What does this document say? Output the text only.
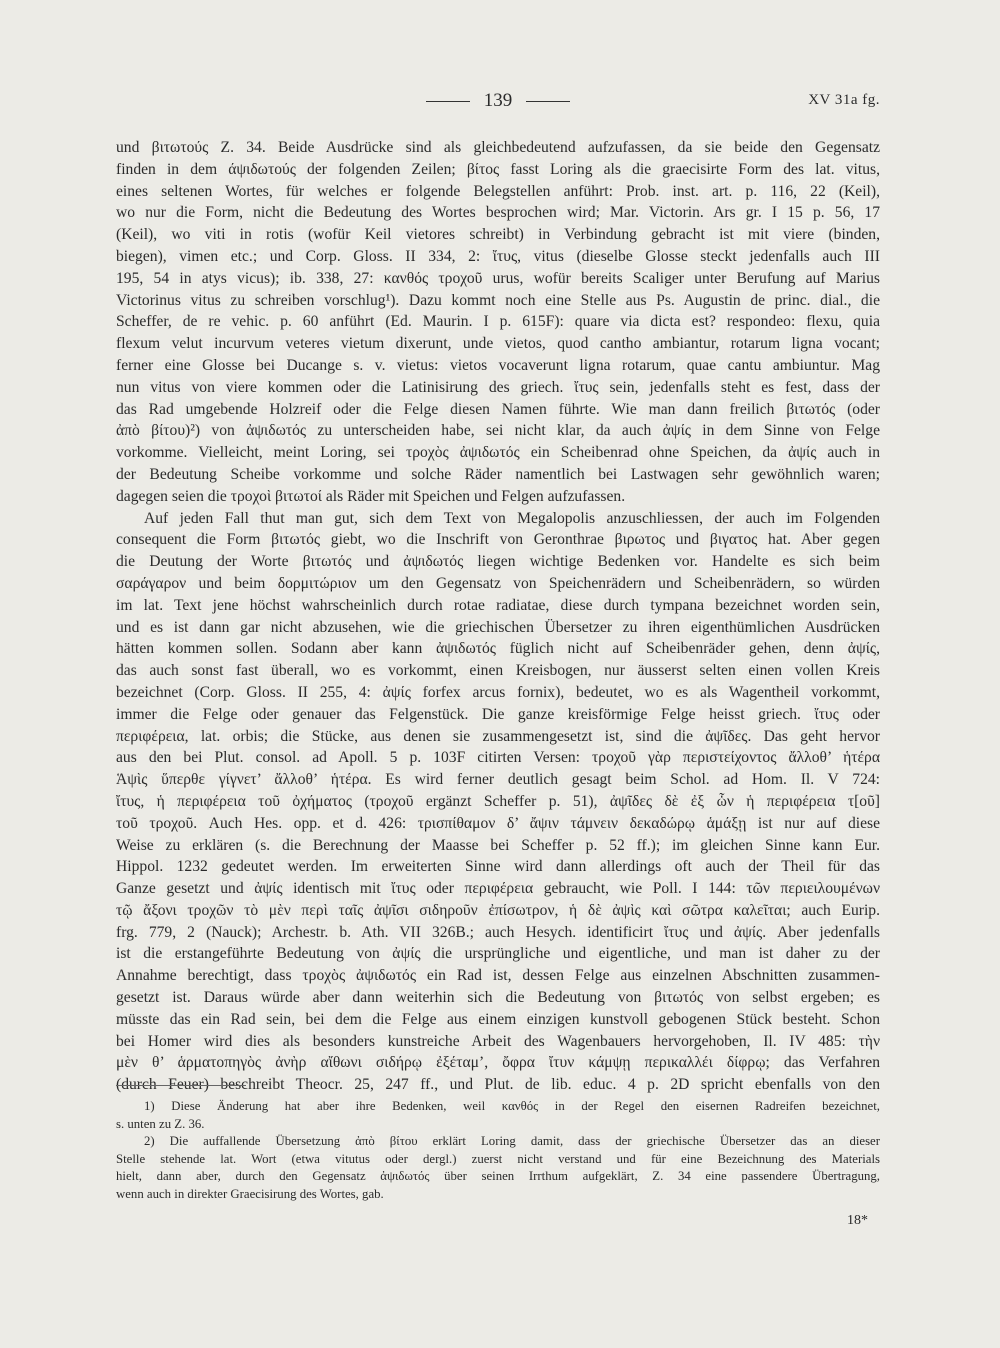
139	XV 31a fg.
und βιτωτούς Z. 34. Beide Ausdrücke sind als gleichbedeutend aufzufassen, da sie beide den Gegensatz
finden in dem άψιδωτούς der folgenden Zeilen; βίτος fasst Loring als die graecisirte Form des lat. vitus,
eines seltenen Wortes, für welches er folgende Belegstellen anführt: Prob. inst. art. p. 116, 22 (Keil),
wo nur die Form, nicht die Bedeutung des Wortes besprochen wird; Mar. Victorin. Ars gr. I 15 p. 56, 17
(Keil), wo viti in rotis (wofür Keil vietores schreibt) in Verbindung gebracht ist mit viere (binden,
biegen), vimen etc.; und Corp. Gloss. II 334, 2: ἴτυς, vitus (dieselbe Glosse steckt jedenfalls auch III
195, 54 in atys vicus); ib. 338, 27: κανθός τροχοῦ urus, wofür bereits Scaliger unter Berufung auf Marius
Victorinus vitus zu schreiben vorschlug¹). Dazu kommt noch eine Stelle aus Ps. Augustin de princ. dial., die
Scheffer, de re vehic. p. 60 anführt (Ed. Maurin. I p. 615F): quare via dicta est? respondeo: flexu, quia
flexum velut incurvum veteres vietum dixerunt, unde vietos, quod cantho ambiantur, rotarum ligna vocant;
ferner eine Glosse bei Ducange s. v. vietus: vietos vocaverunt ligna rotarum, quae cantu ambiuntur. Mag
nun vitus von viere kommen oder die Latinisirung des griech. ἴτυς sein, jedenfalls steht es fest, dass der
das Rad umgebende Holzreif oder die Felge diesen Namen führte. Wie man dann freilich βιτωτός (oder
ἀπὸ βίτου)²) von ἀψιδωτός zu unterscheiden habe, sei nicht klar, da auch ἀψίς in dem Sinne von Felge
vorkomme. Vielleicht, meint Loring, sei τροχὸς ἀψιδωτός ein Scheibenrad ohne Speichen, da ἀψίς auch in
der Bedeutung Scheibe vorkomme und solche Räder namentlich bei Lastwagen sehr gewöhnlich waren;
dagegen seien die τροχοὶ βιτωτοί als Räder mit Speichen und Felgen aufzufassen.
Auf jeden Fall thut man gut, sich dem Text von Megalopolis anzuschliessen, der auch im Folgenden
consequent die Form βιτωτός giebt, wo die Inschrift von Geronthrae βιρωτος und βιγατος hat. Aber gegen
die Deutung der Worte βιτωτός und ἀψιδωτός liegen wichtige Bedenken vor. Handelte es sich beim
σαράγαρον und beim δορμιτώριον um den Gegensatz von Speichenrädern und Scheibenrädern, so würden
im lat. Text jene höchst wahrscheinlich durch rotae radiatae, diese durch tympana bezeichnet worden sein,
und es ist dann gar nicht abzusehen, wie die griechischen Übersetzer zu ihren eigenthümlichen Ausdrücken
hätten kommen sollen. Sodann aber kann ἀψιδωτός füglich nicht auf Scheibenräder gehen, denn ἀψίς,
das auch sonst fast überall, wo es vorkommt, einen Kreisbogen, nur äusserst selten einen vollen Kreis
bezeichnet (Corp. Gloss. II 255, 4: ἀψίς forfex arcus fornix), bedeutet, wo es als Wagentheil vorkommt,
immer die Felge oder genauer das Felgenstück. Die ganze kreisförmige Felge heisst griech. ἴτυς oder
περιφέρεια, lat. orbis; die Stücke, aus denen sie zusammengesetzt ist, sind die ἀψῖδες. Das geht hervor
aus den bei Plut. consol. ad Apoll. 5 p. 103F citirten Versen: τροχοῦ γὰρ περιστείχοντος ἄλλοθ’ ἡτέρα
Ἁψὶς ὕπερθε γίγνετ’ ἄλλοθ’ ἡτέρα. Es wird ferner deutlich gesagt beim Schol. ad Hom. Il. V 724:
ἴτυς, ἡ περιφέρεια τοῦ ὀχήματος (τροχοῦ ergänzt Scheffer p. 51), ἀψῖδες δὲ ἐξ ὧν ἡ περιφέρεια τ[οῦ]
τοῦ τροχοῦ. Auch Hes. opp. et d. 426: τρισπίθαμον δ’ ἄψιν τάμνειν δεκαδώρῳ ἁμάξῃ ist nur auf diese
Weise zu erklären (s. die Berechnung der Maasse bei Scheffer p. 52 ff.); im gleichen Sinne kann Eur.
Hippol. 1232 gedeutet werden. Im erweiterten Sinne wird dann allerdings oft auch der Theil für das
Ganze gesetzt und ἀψίς identisch mit ἴτυς oder περιφέρεια gebraucht, wie Poll. I 144: τῶν περιειλουμένων
τῷ ἄξονι τροχῶν τὸ μὲν περὶ ταῖς ἀψῖσι σιδηροῦν ἐπίσωτρον, ἡ δὲ ἀψὶς καὶ σῶτρα καλεῖται; auch Eurip.
frg. 779, 2 (Nauck); Archestr. b. Ath. VII 326B.; auch Hesych. identificirt ἴτυς und ἀψίς. Aber jedenfalls
ist die erstangeführte Bedeutung von ἀψίς die ursprüngliche und eigentliche, und man ist daher zu der
Annahme berechtigt, dass τροχὸς ἀψιδωτός ein Rad ist, dessen Felge aus einzelnen Abschnitten zusammen-
gesetzt ist. Daraus würde aber dann weiterhin sich die Bedeutung von βιτωτός von selbst ergeben; es
müsste das ein Rad sein, bei dem die Felge aus einem einzigen kunstvoll gebogenen Stück besteht. Schon
bei Homer wird dies als besonders kunstreiche Arbeit des Wagenbauers hervorgehoben, Il. IV 485: τὴν
μὲν θ’ ἁρματοπηγὸς ἀνὴρ αἴθωνι σιδήρῳ ἐξέταμ’, ὄφρα ἴτυν κάμψῃ περικαλλέι δίφρῳ; das Verfahren
(durch Feuer) beschreibt Theocr. 25, 247 ff., und Plut. de lib. educ. 4 p. 2D spricht ebenfalls von den
1) Diese Änderung hat aber ihre Bedenken, weil κανθός in der Regel den eisernen Radreifen bezeichnet,
s. unten zu Z. 36.
2) Die auffallende Übersetzung ἀπὸ βίτου erklärt Loring damit, dass der griechische Übersetzer das an dieser
Stelle stehende lat. Wort (etwa vitutus oder dergl.) zuerst nicht verstand und für eine Bezeichnung des Materials
hielt, dann aber, durch den Gegensatz ἀψιδωτός über seinen Irrthum aufgeklärt, Z. 34 eine passendere Übertragung,
wenn auch in direkter Graecisirung des Wortes, gab.
18*
